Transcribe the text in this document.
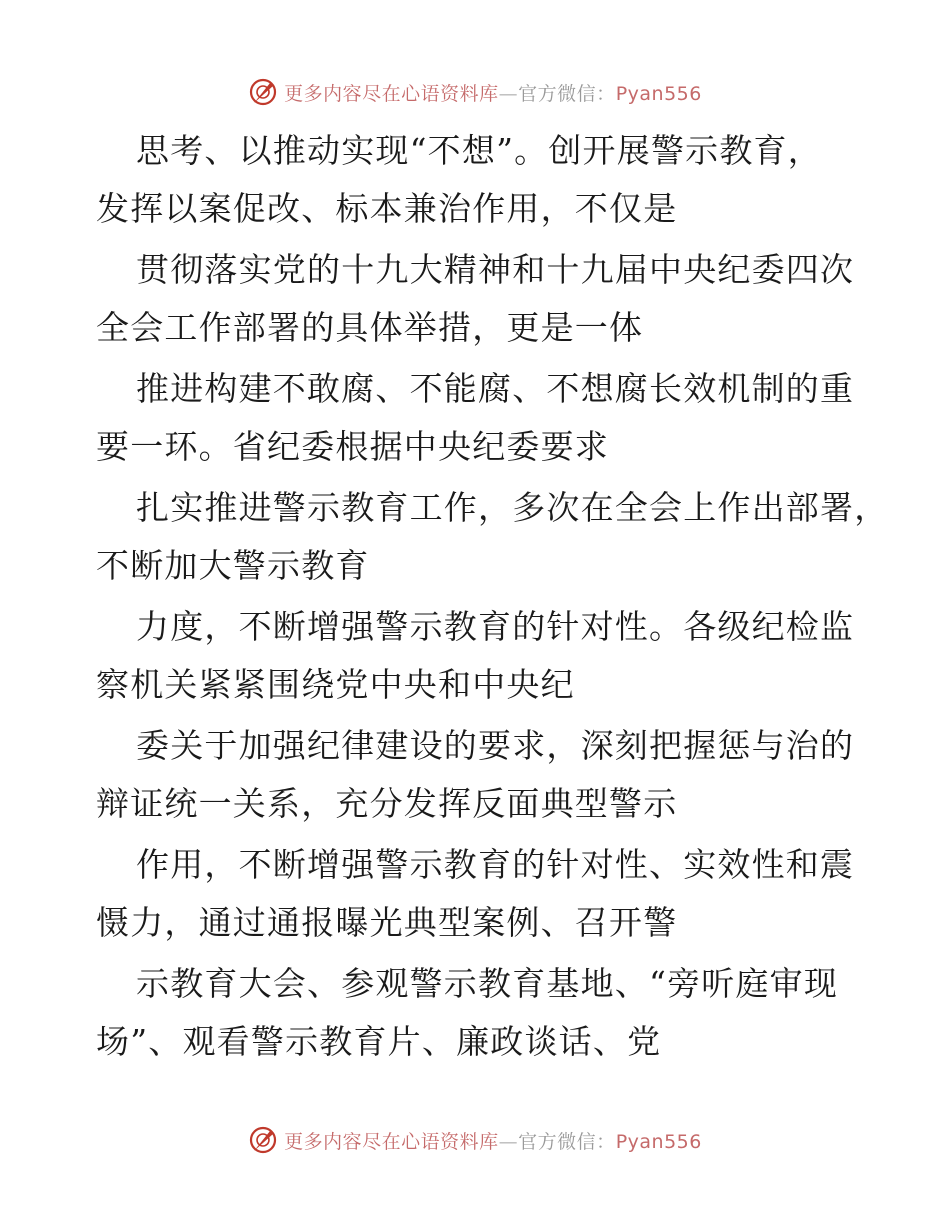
更多内容尽在心语资料库—官方微信：Pyan556

思考、以推动实现“不想”。创开展警示教育，
发挥以案促改、标本兼治作用，不仅是

贯彻落实党的十九大精神和十九届中央纪委四次
全会工作部署的具体举措，更是一体

推进构建不敢腐、不能腐、不想腐长效机制的重
要一环。省纪委根据中央纪委要求

扎实推进警示教育工作，多次在全会上作出部署，
不断加大警示教育

力度，不断增强警示教育的针对性。各级纪检监
察机关紧紧围绕党中央和中央纪

委关于加强纪律建设的要求，深刻把握惩与治的
辩证统一关系，充分发挥反面典型警示

作用，不断增强警示教育的针对性、实效性和震
慑力，通过通报曝光典型案例、召开警

示教育大会、参观警示教育基地、“旁听庭审现
场”、观看警示教育片、廉政谈话、党

更多内容尽在心语资料库—官方微信：Pyan556
